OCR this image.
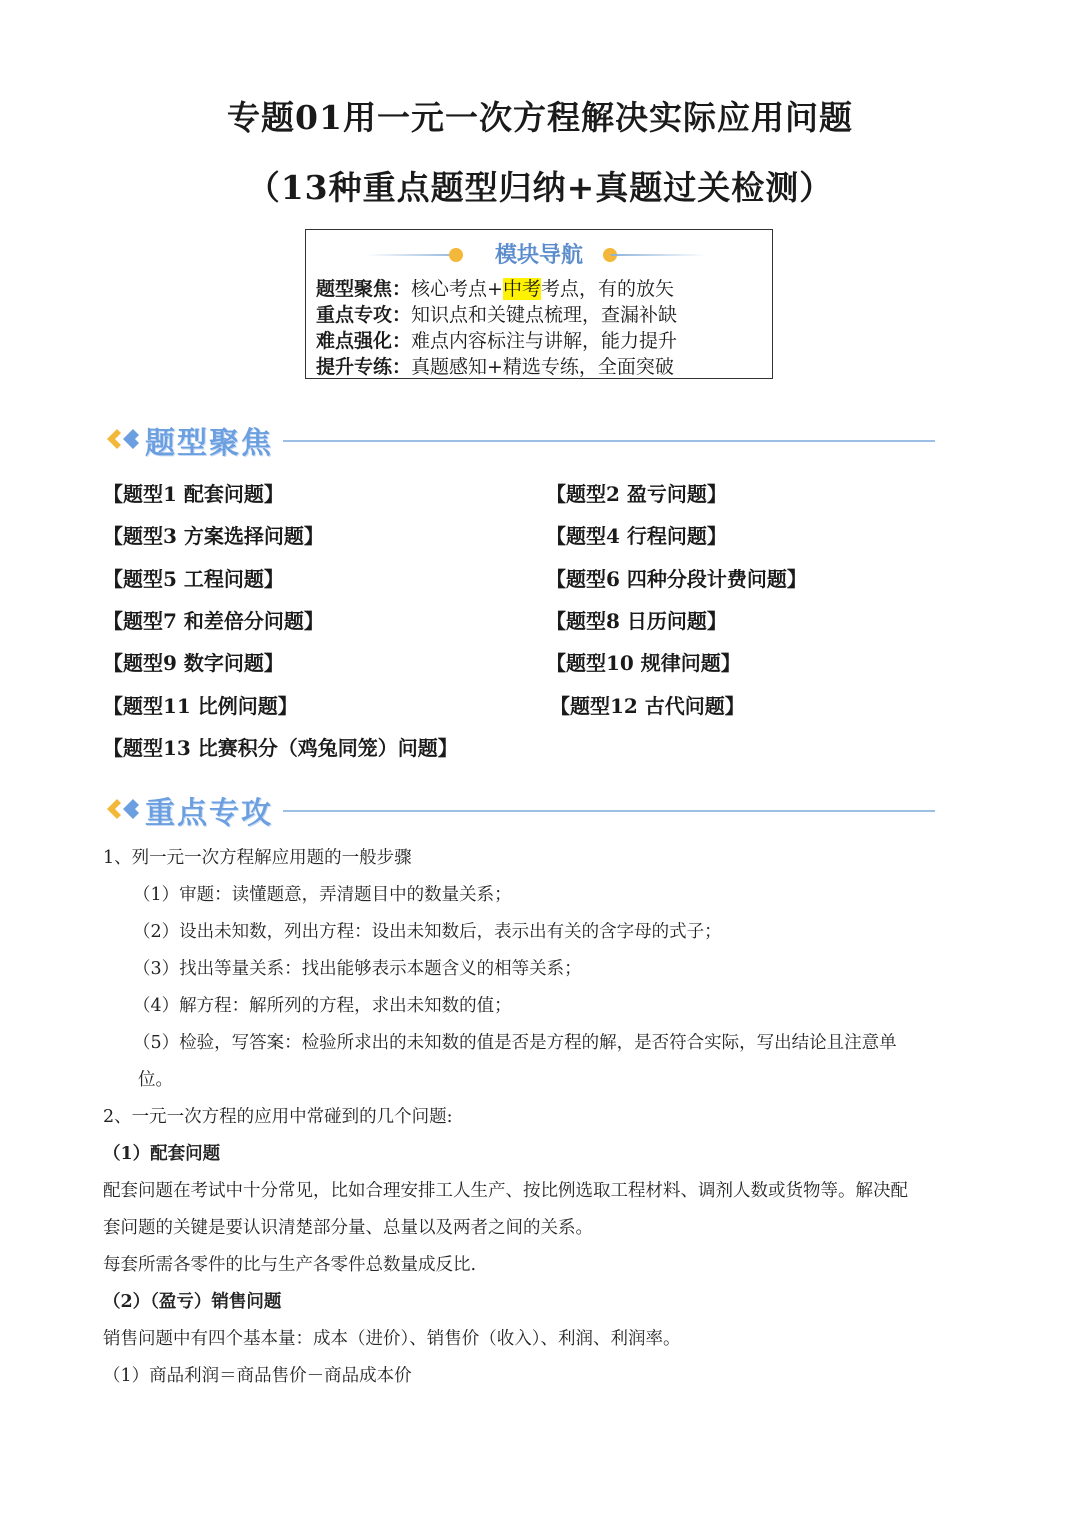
专题01用一元一次方程解决实际应用问题
（13种重点题型归纳+真题过关检测）
模块导航
题型聚焦：核心考点+中考考点，有的放矢
重点专攻：知识点和关键点梳理，查漏补缺
难点强化：难点内容标注与讲解，能力提升
提升专练：真题感知+精选专练，全面突破
题型聚焦
【题型1 配套问题】	【题型2 盈亏问题】
【题型3 方案选择问题】	【题型4 行程问题】
【题型5 工程问题】	【题型6 四种分段计费问题】
【题型7 和差倍分问题】	【题型8 日历问题】
【题型9 数字问题】	【题型10 规律问题】
【题型11 比例问题】	【题型12 古代问题】
【题型13 比赛积分（鸡兔同笼）问题】
重点专攻
1、列一元一次方程解应用题的一般步骤
（1）审题：读懂题意，弄清题目中的数量关系；
（2）设出未知数，列出方程：设出未知数后，表示出有关的含字母的式子；
（3）找出等量关系：找出能够表示本题含义的相等关系；
（4）解方程：解所列的方程，求出未知数的值；
（5）检验，写答案：检验所求出的未知数的值是否是方程的解，是否符合实际，写出结论且注意单
位。
2、一元一次方程的应用中常碰到的几个问题:
（1）配套问题
配套问题在考试中十分常见，比如合理安排工人生产、按比例选取工程材料、调剂人数或货物等。解决配
套问题的关键是要认识清楚部分量、总量以及两者之间的关系。
每套所需各零件的比与生产各零件总数量成反比.
（2）（盈亏）销售问题
销售问题中有四个基本量：成本（进价）、销售价（收入）、利润、利润率。
（1）商品利润＝商品售价－商品成本价
